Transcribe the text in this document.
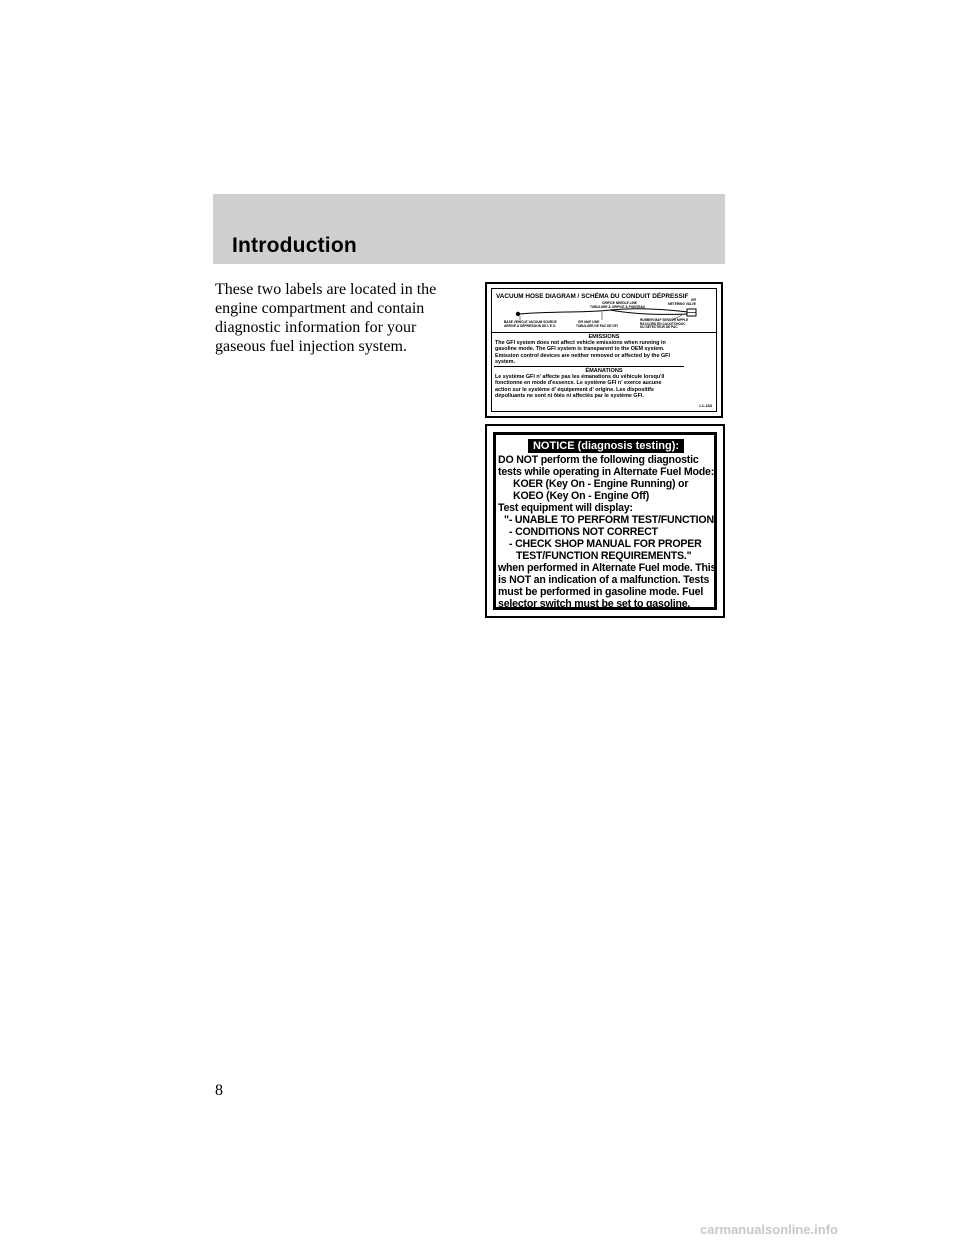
Introduction
These two labels are located in the
engine compartment and contain
diagnostic information for your
gaseous fuel injection system.
VACUUM HOSE DIAGRAM / SCHÉMA DU CONDUIT DÉPRESSIF GFI
METERING VALVE
ORIFICE NEEDLE LINE
TUBULURE À ORIFICE À POINTEAU
BASE VEHICLE VACUUM SOURCE
ARRIVÉ À DÉPRESSION DE L'E.O.
GFI MAP LINE
TUBULURE DE PAC DE GFI
RUBBER MAP SENSOR NIPPLE
RACCORD EN CAOUTCHOUC
DU DÉTECTEUR DE PAC
EMISSIONS
The GFI system does not affect vehicle emissions when running in
gasoline mode. The GFI system is transparent to the OEM system.
Emission control devices are neither removed or affected by the GFI
system.
ÉMANATIONS
Le système GFI n' affecte pas les émanations du véhicule lorsqu'il
fonctionne en mode d'essence. Le système GFI n' exerce aucune
action sur le système d' équipement d' origine. Les dispositifs
dépolluants ne sont ni ôtés ni affectés par le système GFI.
L1-183
NOTICE (diagnosis testing):
DO NOT perform the following diagnostic
tests while operating in Alternate Fuel Mode:
KOER (Key On - Engine Running) or
KOEO (Key On - Engine Off)
Test equipment will display:
"- UNABLE TO PERFORM TEST/FUNCTION
- CONDITIONS NOT CORRECT
- CHECK SHOP MANUAL FOR PROPER
TEST/FUNCTION REQUIREMENTS."
when performed in Alternate Fuel mode. This
is NOT an indication of a malfunction. Tests
must be performed in gasoline mode. Fuel
selector switch must be set to gasoline.
8
carmanualsonline.info
